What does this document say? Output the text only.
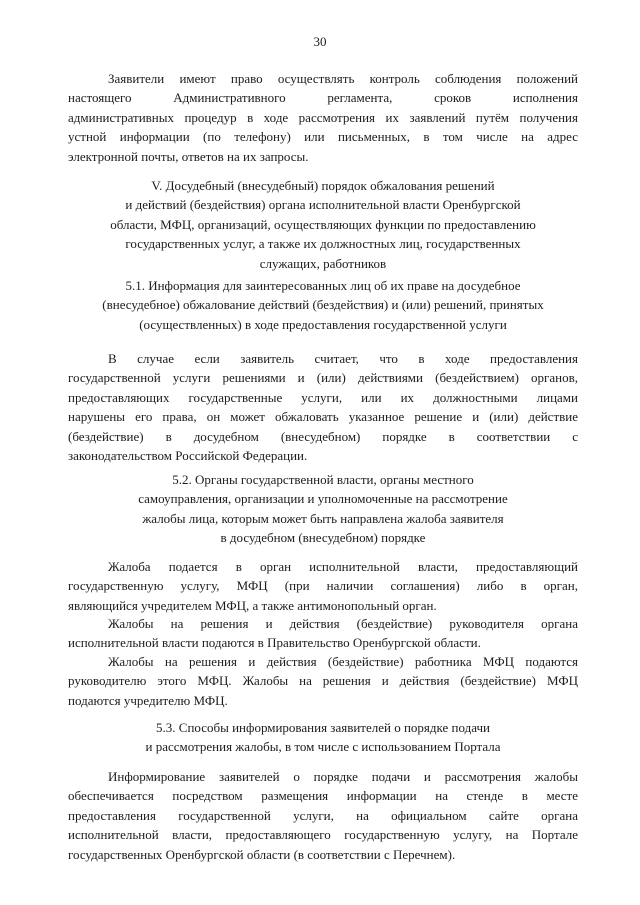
30
Заявители имеют право осуществлять контроль соблюдения положений
настоящего Административного регламента, сроков исполнения
административных процедур в ходе рассмотрения их заявлений путём получения
устной информации (по телефону) или письменных, в том числе на адрес
электронной почты, ответов на их запросы.
V. Досудебный (внесудебный) порядок обжалования решений
и действий (бездействия) органа исполнительной власти Оренбургской
области, МФЦ, организаций, осуществляющих функции по предоставлению
государственных услуг, а также их должностных лиц, государственных
служащих, работников
5.1. Информация для заинтересованных лиц об их праве на досудебное
(внесудебное) обжалование действий (бездействия) и (или) решений, принятых
(осуществленных) в ходе предоставления государственной услуги
В случае если заявитель считает, что в ходе предоставления
государственной услуги решениями и (или) действиями (бездействием) органов,
предоставляющих государственные услуги, или их должностными лицами
нарушены его права, он может обжаловать указанное решение и (или) действие
(бездействие) в досудебном (внесудебном) порядке в соответствии с
законодательством Российской Федерации.
5.2. Органы государственной власти, органы местного
самоуправления, организации и уполномоченные на рассмотрение
жалобы лица, которым может быть направлена жалоба заявителя
в досудебном (внесудебном) порядке
Жалоба подается в орган исполнительной власти, предоставляющий
государственную услугу, МФЦ (при наличии соглашения) либо в орган,
являющийся учредителем МФЦ, а также антимонопольный орган.
Жалобы на решения и действия (бездействие) руководителя органа
исполнительной власти подаются в Правительство Оренбургской области.
Жалобы на решения и действия (бездействие) работника МФЦ подаются
руководителю этого МФЦ. Жалобы на решения и действия (бездействие) МФЦ
подаются учредителю МФЦ.
5.3. Способы информирования заявителей о порядке подачи
и рассмотрения жалобы, в том числе с использованием Портала
Информирование заявителей о порядке подачи и рассмотрения жалобы
обеспечивается посредством размещения информации на стенде в месте
предоставления государственной услуги, на официальном сайте органа
исполнительной власти, предоставляющего государственную услугу, на Портале
государственных Оренбургской области (в соответствии с Перечнем).
